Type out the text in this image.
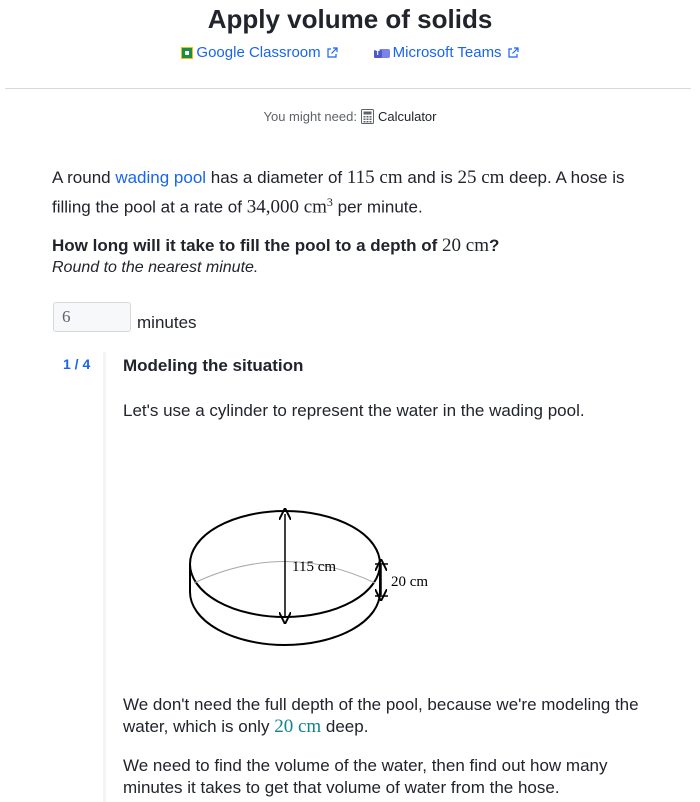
Apply volume of solids
Google Classroom	T Microsoft Teams
You might need: Calculator
A round wading pool has a diameter of 115 cm and is 25 cm deep. A hose is filling the pool at a rate of 34,000 $cm^3$ per minute.
How long will it take to fill the pool to a depth of 20 cm?
Round to the nearest minute.
6
minutes
1 / 4 Modeling the situation
Let's use a cylinder to represent the water in the wading pool.
115 cm
20 cm
We don't need the full depth of the pool, because we're modeling the water, which is only 20 cm deep.
We need to find the volume of the water, then find out how many minutes it takes to get that volume of water from the hose.
